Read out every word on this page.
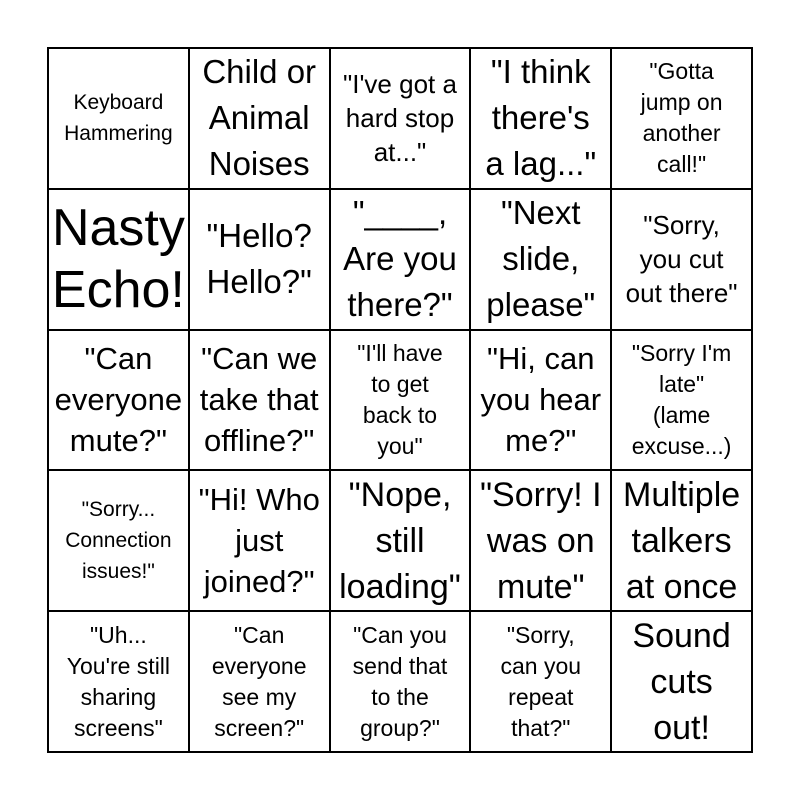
Keyboard
Hammering
Child or
Animal
Noises
"I've got a
hard stop
at..."
"I think
there's
a lag..."
"Gotta
jump on
another
call!"
Nasty
Echo!
"Hello?
Hello?"
"____,
Are you
there?"
"Next
slide,
please"
"Sorry,
you cut
out there"
"Can
everyone
mute?"
"Can we
take that
offline?"
"I'll have
to get
back to
you"
"Hi, can
you hear
me?"
"Sorry I'm
late"
(lame
excuse...)
"Sorry...
Connection
issues!"
"Hi! Who
just
joined?"
"Nope,
still
loading"
"Sorry! I
was on
mute"
Multiple
talkers
at once
"Uh...
You're still
sharing
screens"
"Can
everyone
see my
screen?"
"Can you
send that
to the
group?"
"Sorry,
can you
repeat
that?"
Sound
cuts
out!
